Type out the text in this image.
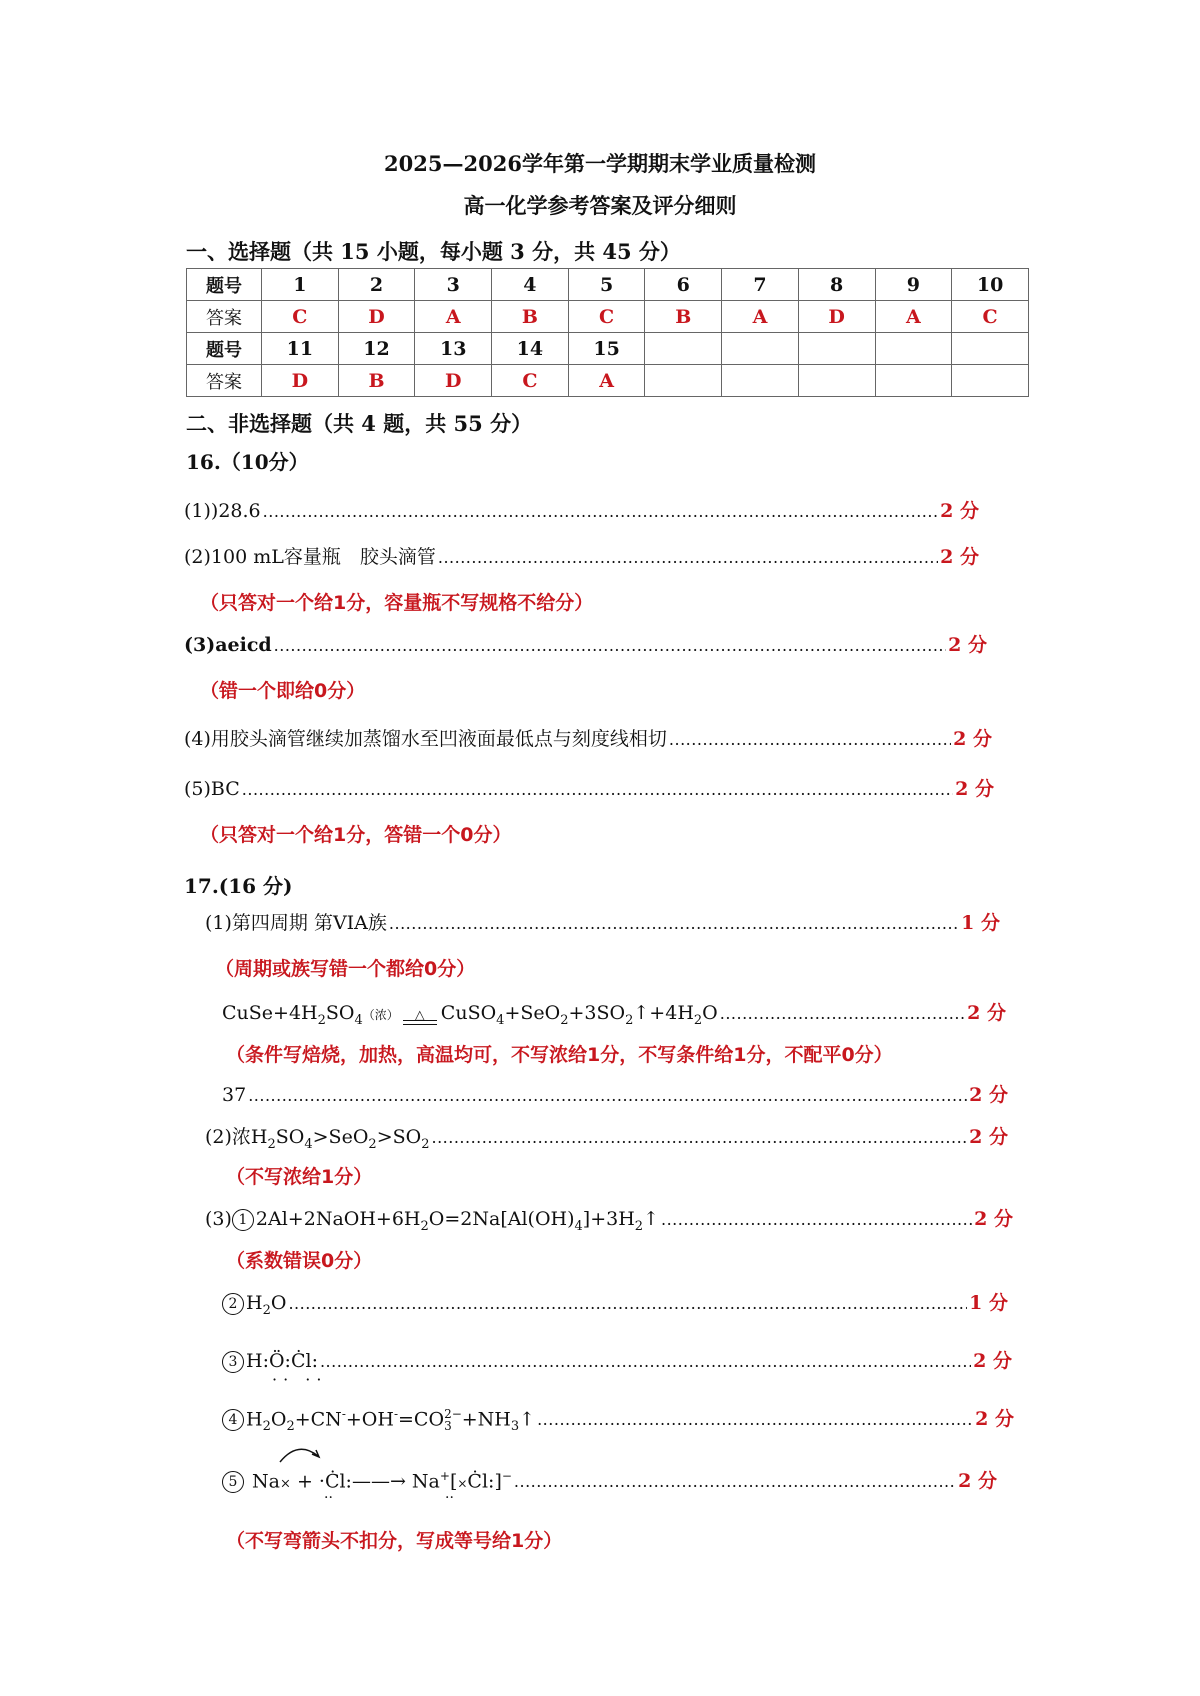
2025—2026学年第一学期期末学业质量检测
高一化学参考答案及评分细则
一、选择题（共 15 小题，每小题 3 分，共 45 分）
题号	1	2	3	4	5	6	7	8	9	10
答案	C	D	A	B	C	B	A	D	A	C
题号	11	12	13	14	15					
答案	D	B	D	C	A					
二、非选择题（共 4 题，共 55 分）
16.（10分）
(1))28.6 .....	2 分
(2)100 mL容量瓶　胶头滴管 .....	2 分
（只答对一个给1分，容量瓶不写规格不给分）
(3)aeicd .....	2 分
（错一个即给0分）
(4)用胶头滴管继续加蒸馏水至凹液面最低点与刻度线相切 .....	2 分
(5)BC .....	2 分
（只答对一个给1分，答错一个0分）
17.(16 分)
(1)第四周期 第VIA族 .....	1 分
（周期或族写错一个都给0分）
$CuSe+4H_2SO_4$（浓） △ $CuSO_4+SeO_2+3SO_2↑+4H_2O$ .....	2 分
（条件写焙烧，加热，高温均可，不写浓给1分，不写条件给1分，不配平0分）
37 .....	2 分
(2)浓$H_2SO_4>SeO_2>SO_2$ .....	2 分
（不写浓给1分）
(3) 1 $2Al+2NaOH+6H_2O=2Na[Al(OH)_4]+3H_2↑$ .....	2 分
（系数错误0分）
2 $H_2O$ .....	1 分
3 H:Ö:Ċl: .....	2 分
·· ··
4 $H_2O_2+CN^-+OH^-=CO$ 2−
$3 +NH_3↑$ .....	2 分
5 Na× + ·Ċl:——→ Na+[×Ċl:]− .....	2 分
··	··
（不写弯箭头不扣分，写成等号给1分）
